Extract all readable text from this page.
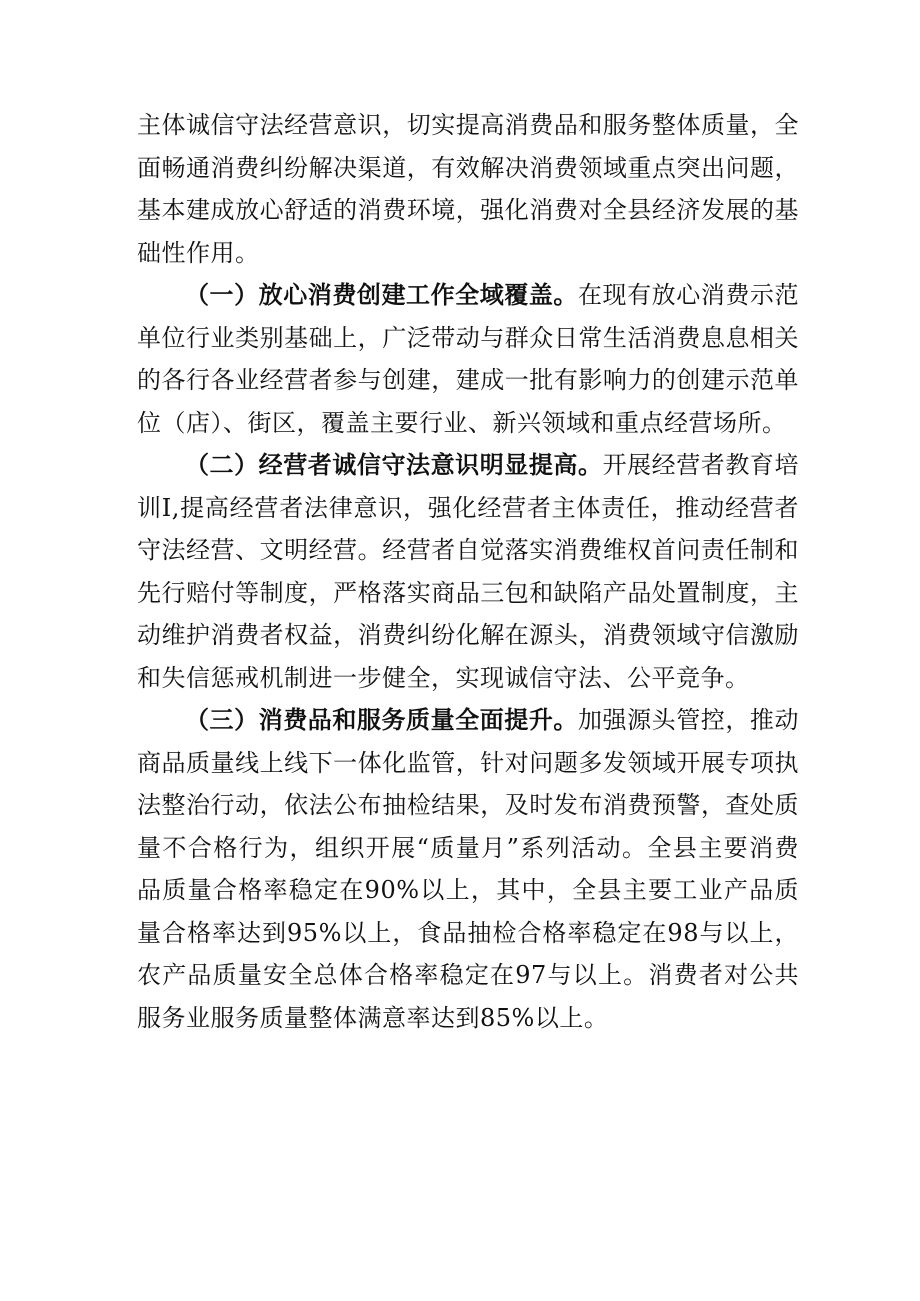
主体诚信守法经营意识，切实提高消费品和服务整体质量，全面畅通消费纠纷解决渠道，有效解决消费领域重点突出问题，基本建成放心舒适的消费环境，强化消费对全县经济发展的基础性作用。

（一）放心消费创建工作全域覆盖。在现有放心消费示范单位行业类别基础上，广泛带动与群众日常生活消费息息相关的各行各业经营者参与创建，建成一批有影响力的创建示范单位（店）、街区，覆盖主要行业、新兴领域和重点经营场所。

（二）经营者诚信守法意识明显提高。开展经营者教育培训I,提高经营者法律意识，强化经营者主体责任，推动经营者守法经营、文明经营。经营者自觉落实消费维权首问责任制和先行赔付等制度，严格落实商品三包和缺陷产品处置制度，主动维护消费者权益，消费纠纷化解在源头，消费领域守信激励和失信惩戒机制进一步健全，实现诚信守法、公平竞争。

（三）消费品和服务质量全面提升。加强源头管控，推动商品质量线上线下一体化监管，针对问题多发领域开展专项执法整治行动，依法公布抽检结果，及时发布消费预警，查处质量不合格行为，组织开展“质量月”系列活动。全县主要消费品质量合格率稳定在90%以上，其中，全县主要工业产品质量合格率达到95%以上，食品抽检合格率稳定在98与以上，农产品质量安全总体合格率稳定在97与以上。消费者对公共服务业服务质量整体满意率达到85%以上。
